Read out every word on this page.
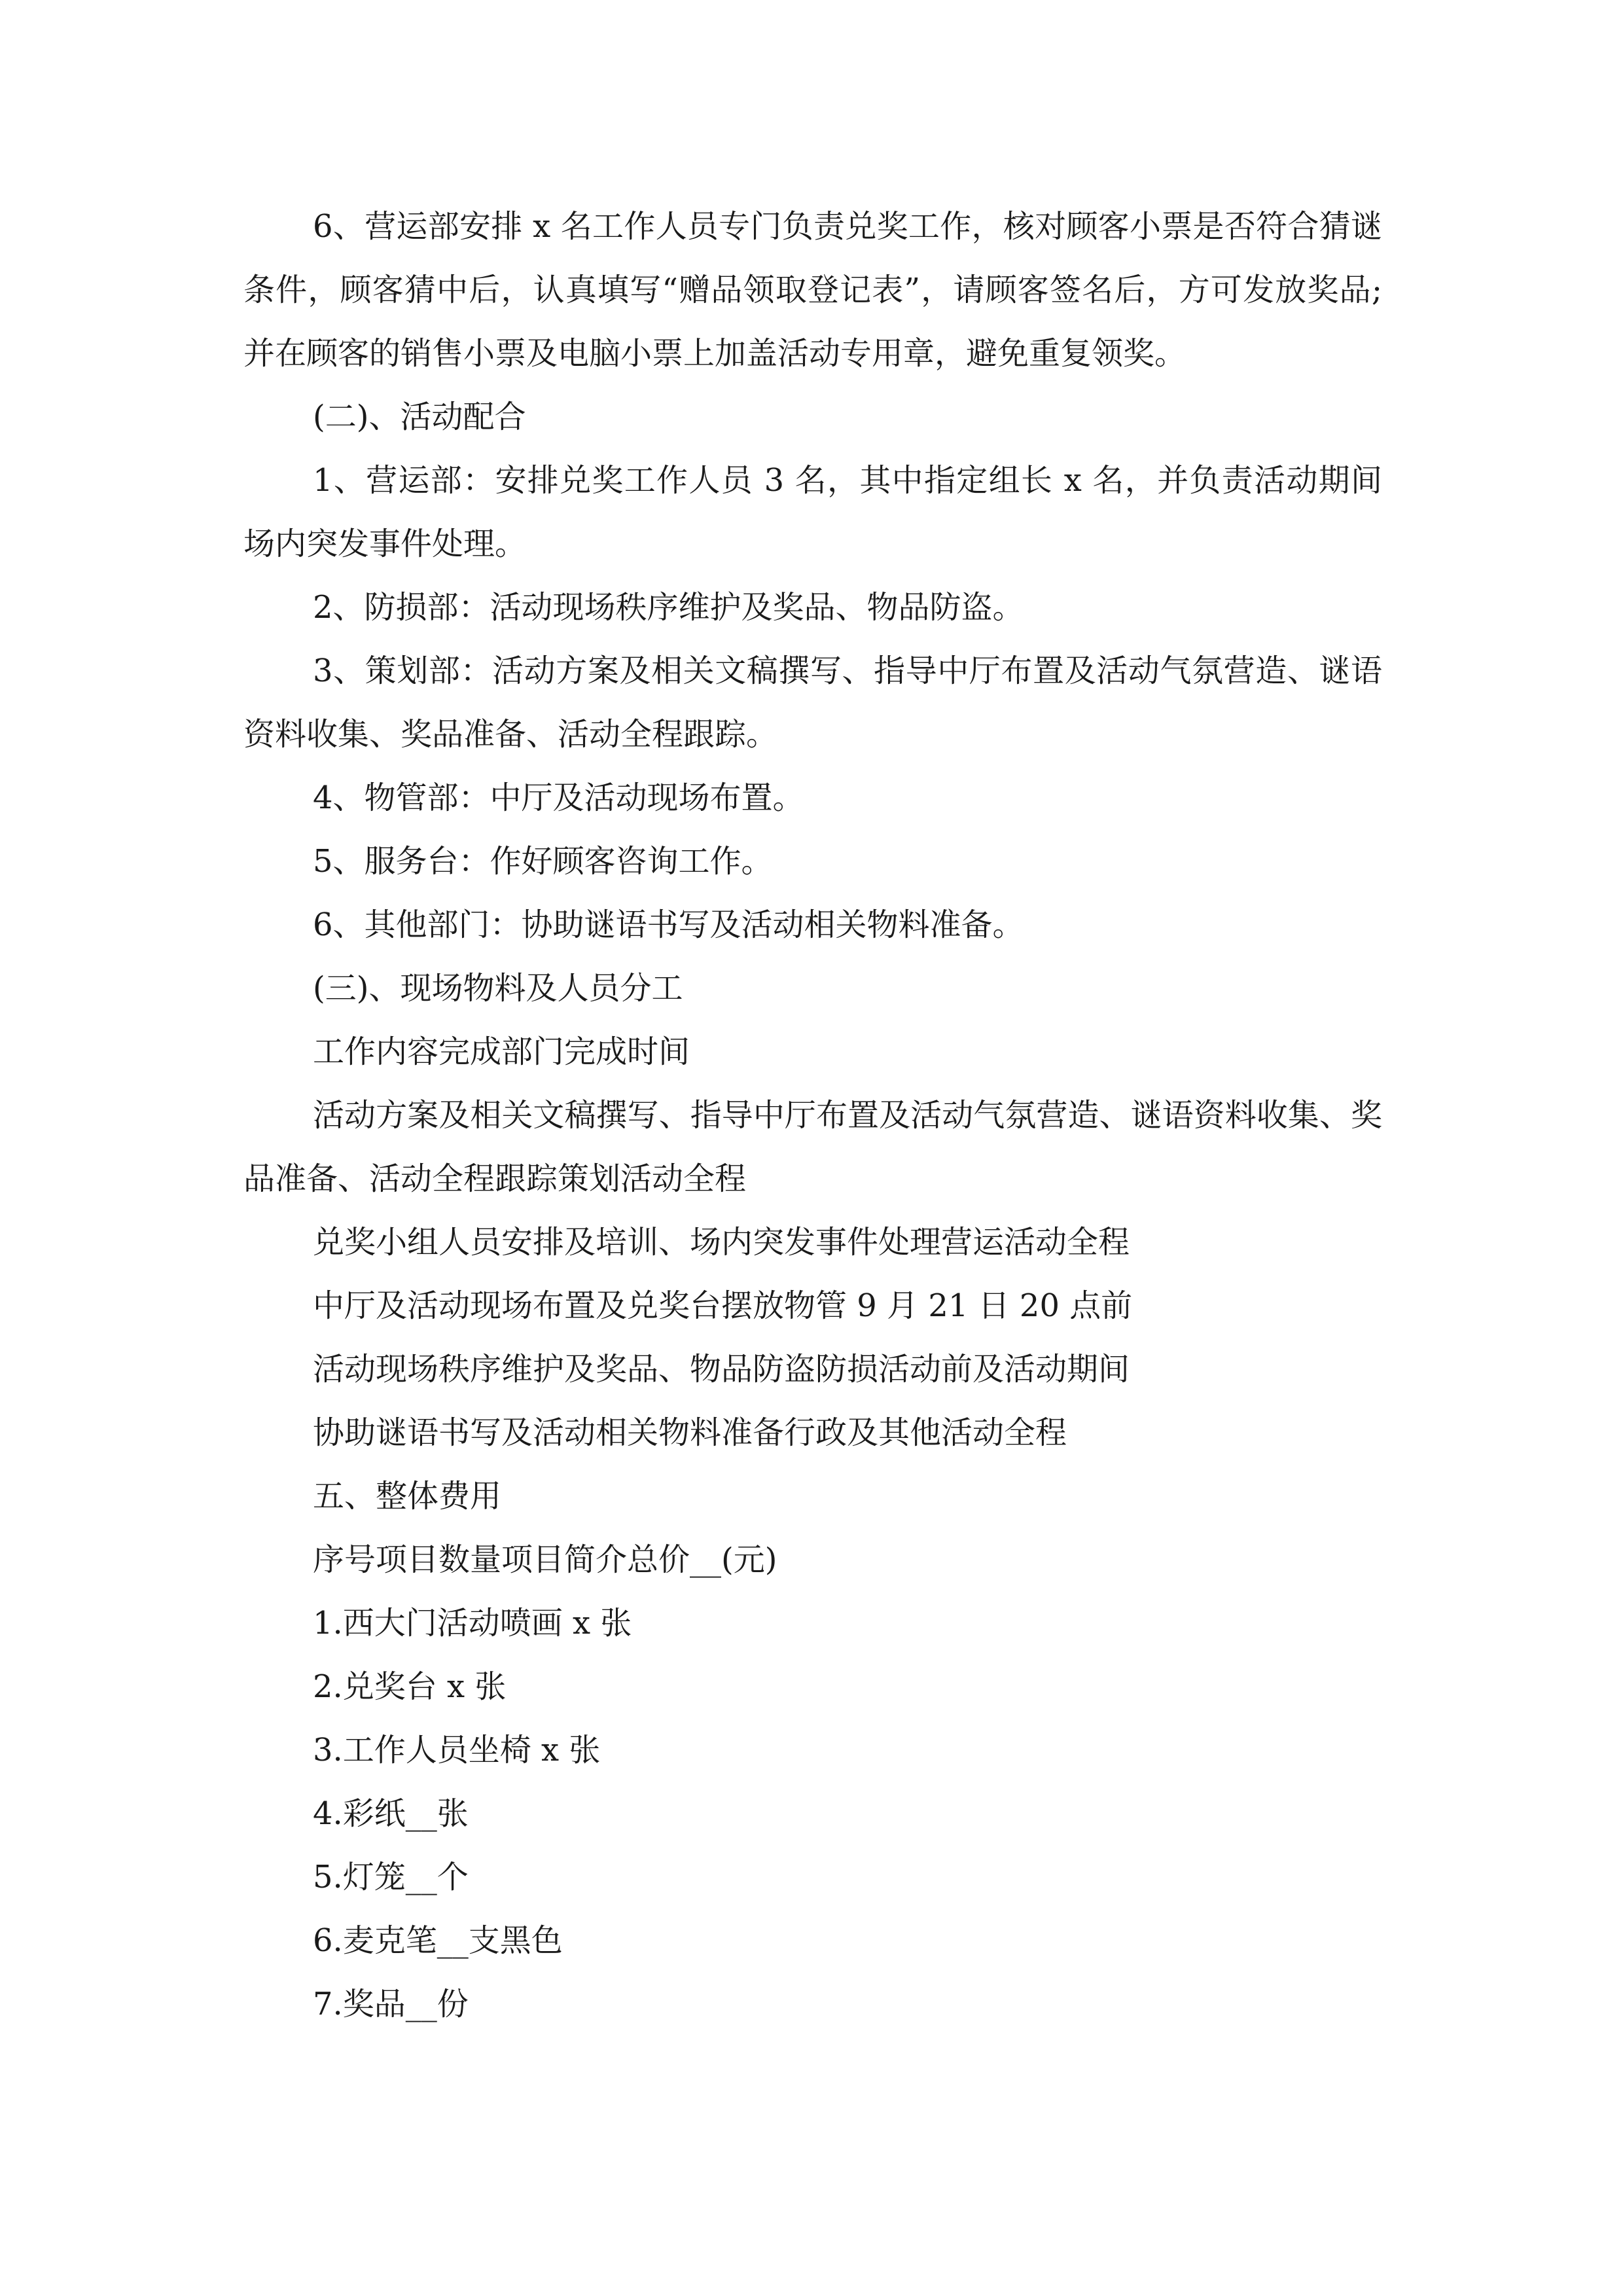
6、营运部安排 x 名工作人员专门负责兑奖工作，核对顾客小票是否符合猜谜条件，顾客猜中后，认真填写“赠品领取登记表”，请顾客签名后，方可发放奖品;并在顾客的销售小票及电脑小票上加盖活动专用章，避免重复领奖。

(二)、活动配合

1、营运部：安排兑奖工作人员 3 名，其中指定组长 x 名，并负责活动期间场内突发事件处理。

2、防损部：活动现场秩序维护及奖品、物品防盗。

3、策划部：活动方案及相关文稿撰写、指导中厅布置及活动气氛营造、谜语资料收集、奖品准备、活动全程跟踪。

4、物管部：中厅及活动现场布置。

5、服务台：作好顾客咨询工作。

6、其他部门：协助谜语书写及活动相关物料准备。

(三)、现场物料及人员分工

工作内容完成部门完成时间

活动方案及相关文稿撰写、指导中厅布置及活动气氛营造、谜语资料收集、奖品准备、活动全程跟踪策划活动全程

兑奖小组人员安排及培训、场内突发事件处理营运活动全程

中厅及活动现场布置及兑奖台摆放物管 9 月 21 日 20 点前

活动现场秩序维护及奖品、物品防盗防损活动前及活动期间

协助谜语书写及活动相关物料准备行政及其他活动全程

五、整体费用

序号项目数量项目简介总价__(元)

1.西大门活动喷画 x 张

2.兑奖台 x 张

3.工作人员坐椅 x 张

4.彩纸__张

5.灯笼__个

6.麦克笔__支黑色

7.奖品__份
